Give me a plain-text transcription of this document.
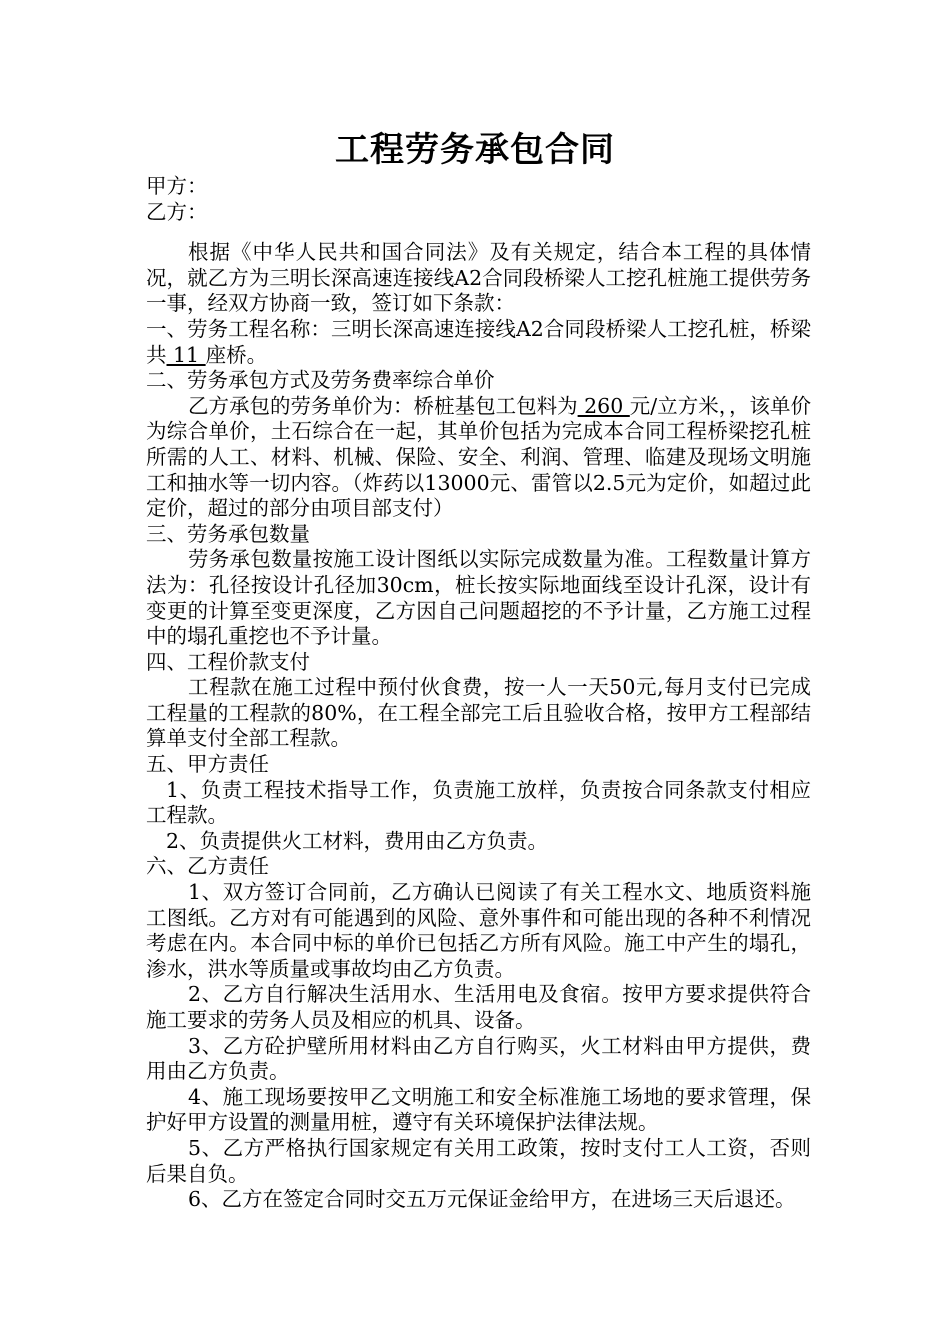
工程劳务承包合同

甲方：

乙方：

根据《中华人民共和国合同法》及有关规定，结合本工程的具体情况，就乙方为三明长深高速连接线A2合同段桥梁人工挖孔桩施工提供劳务一事，经双方协商一致，签订如下条款：

一、劳务工程名称：三明长深高速连接线A2合同段桥梁人工挖孔桩，桥梁共 11 座桥。

二、劳务承包方式及劳务费率综合单价

乙方承包的劳务单价为：桥桩基包工包料为 260 元/立方米，，该单价为综合单价，土石综合在一起，其单价包括为完成本合同工程桥梁挖孔桩所需的人工、材料、机械、保险、安全、利润、管理、临建及现场文明施工和抽水等一切内容。（炸药以13000元、雷管以2.5元为定价，如超过此定价，超过的部分由项目部支付）

三、劳务承包数量

劳务承包数量按施工设计图纸以实际完成数量为准。工程数量计算方法为：孔径按设计孔径加30cm，桩长按实际地面线至设计孔深，设计有变更的计算至变更深度，乙方因自己问题超挖的不予计量，乙方施工过程中的塌孔重挖也不予计量。

四、工程价款支付

工程款在施工过程中预付伙食费，按一人一天50元,每月支付已完成工程量的工程款的80%，在工程全部完工后且验收合格，按甲方工程部结算单支付全部工程款。

五、甲方责任

1、负责工程技术指导工作，负责施工放样，负责按合同条款支付相应工程款。

2、负责提供火工材料，费用由乙方负责。

六、乙方责任

1、双方签订合同前，乙方确认已阅读了有关工程水文、地质资料施工图纸。乙方对有可能遇到的风险、意外事件和可能出现的各种不利情况考虑在内。本合同中标的单价已包括乙方所有风险。施工中产生的塌孔，渗水，洪水等质量或事故均由乙方负责。

2、乙方自行解决生活用水、生活用电及食宿。按甲方要求提供符合施工要求的劳务人员及相应的机具、设备。

3、乙方砼护壁所用材料由乙方自行购买，火工材料由甲方提供，费用由乙方负责。

4、施工现场要按甲乙文明施工和安全标准施工场地的要求管理，保护好甲方设置的测量用桩，遵守有关环境保护法律法规。

5、乙方严格执行国家规定有关用工政策，按时支付工人工资，否则后果自负。

6、乙方在签定合同时交五万元保证金给甲方，在进场三天后退还。
